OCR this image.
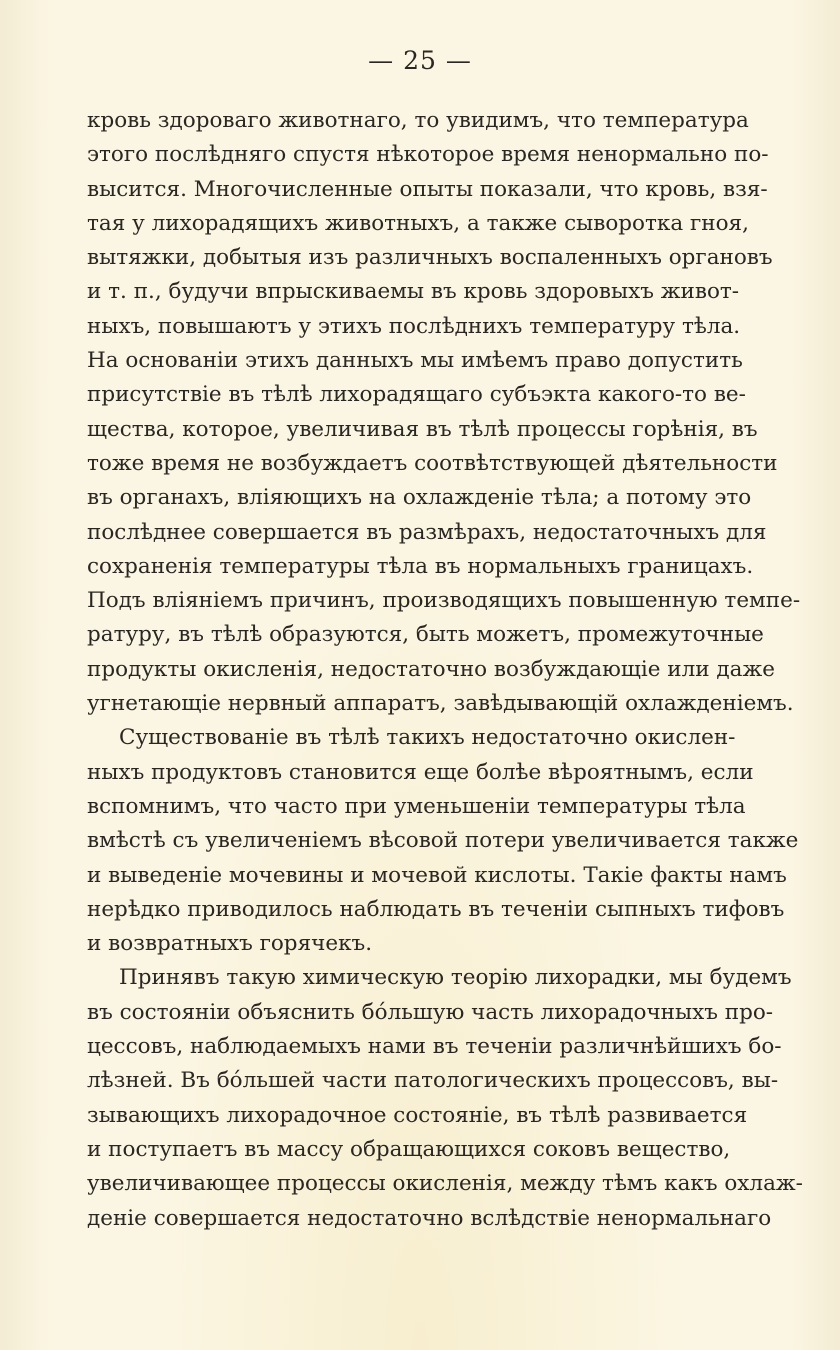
— 25 —
кровь здороваго животнаго, то увидимъ, что температура
этого послѣдняго спустя нѣкоторое время ненормально по-
высится. Многочисленные опыты показали, что кровь, взя-
тая у лихорадящихъ животныхъ, а также сыворотка гноя,
вытяжки, добытыя изъ различныхъ воспаленныхъ органовъ
и т. п., будучи впрыскиваемы въ кровь здоровыхъ живот-
ныхъ, повышаютъ у этихъ послѣднихъ температуру тѣла.
На основаніи этихъ данныхъ мы имѣемъ право допустить
присутствіе въ тѣлѣ лихорадящаго субъэкта какого-то ве-
щества, которое, увеличивая въ тѣлѣ процессы горѣнія, въ
тоже время не возбуждаетъ соотвѣтствующей дѣятельности
въ органахъ, вліяющихъ на охлажденіе тѣла; а потому это
послѣднее совершается въ размѣрахъ, недостаточныхъ для
сохраненія температуры тѣла въ нормальныхъ границахъ.
Подъ вліяніемъ причинъ, производящихъ повышенную темпе-
ратуру, въ тѣлѣ образуются, быть можетъ, промежуточные
продукты окисленія, недостаточно возбуждающіе или даже
угнетающіе нервный аппаратъ, завѣдывающій охлажденіемъ.
Существованіе въ тѣлѣ такихъ недостаточно окислен-
ныхъ продуктовъ становится еще болѣе вѣроятнымъ, если
вспомнимъ, что часто при уменьшеніи температуры тѣла
вмѣстѣ съ увеличеніемъ вѣсовой потери увеличивается также
и выведеніе мочевины и мочевой кислоты. Такіе факты намъ
нерѣдко приводилось наблюдать въ теченіи сыпныхъ тифовъ
и возвратныхъ горячекъ.
Принявъ такую химическую теорію лихорадки, мы будемъ
въ состояніи объяснить бóльшую часть лихорадочныхъ про-
цессовъ, наблюдаемыхъ нами въ теченіи различнѣйшихъ бо-
лѣзней. Въ бóльшей части патологическихъ процессовъ, вы-
зывающихъ лихорадочное состояніе, въ тѣлѣ развивается
и поступаетъ въ массу обращающихся соковъ вещество,
увеличивающее процессы окисленія, между тѣмъ какъ охлаж-
деніе совершается недостаточно вслѣдствіе ненормальнаго
